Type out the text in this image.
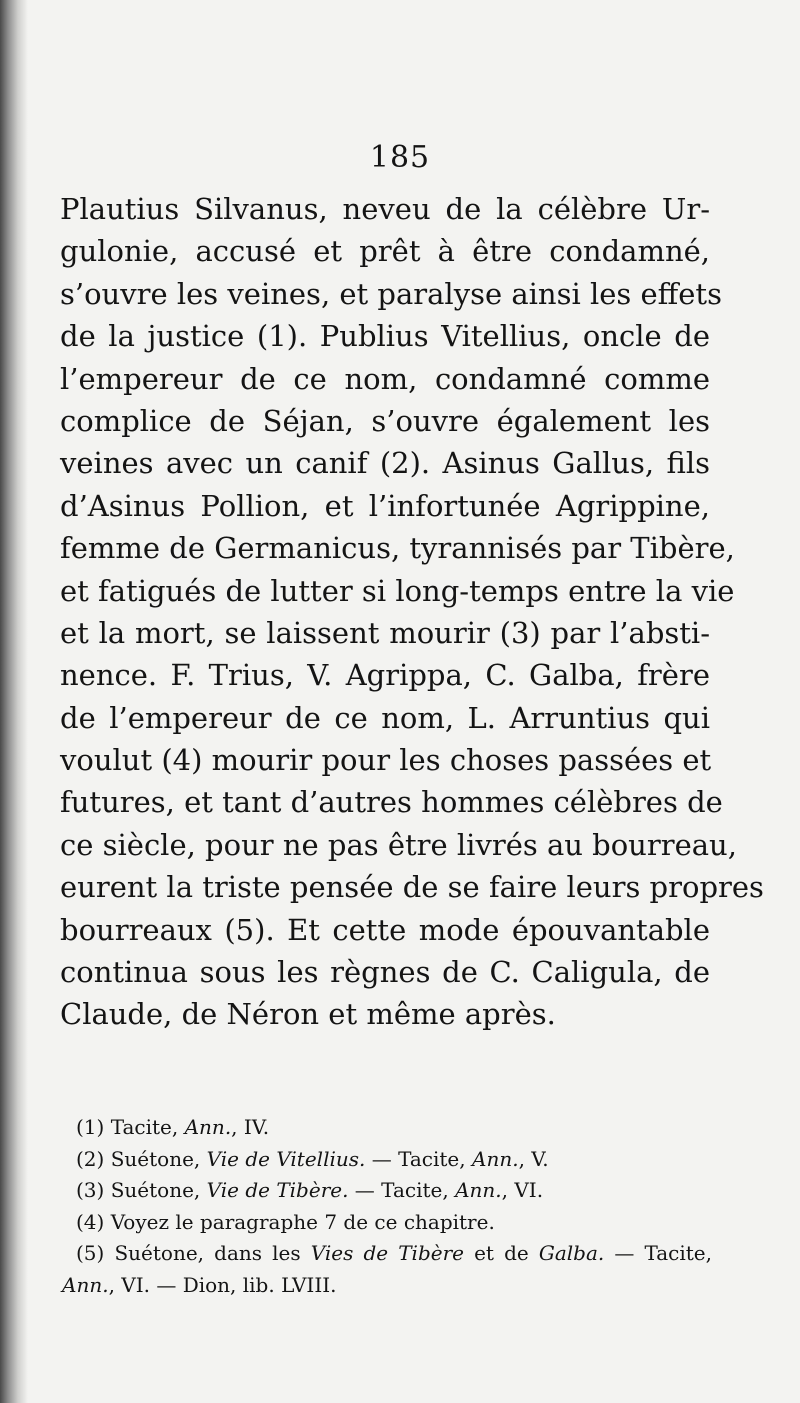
185
Plautius Silvanus, neveu de la célèbre Ur-
gulonie, accusé et prêt à être condamné,
s’ouvre les veines, et paralyse ainsi les effets
de la justice (1). Publius Vitellius, oncle de
l’empereur de ce nom, condamné comme
complice de Séjan, s’ouvre également les
veines avec un canif (2). Asinus Gallus, fils
d’Asinus Pollion, et l’infortunée Agrippine,
femme de Germanicus, tyrannisés par Tibère,
et fatigués de lutter si long-temps entre la vie
et la mort, se laissent mourir (3) par l’absti-
nence. F. Trius, V. Agrippa, C. Galba, frère
de l’empereur de ce nom, L. Arruntius qui
voulut (4) mourir pour les choses passées et
futures, et tant d’autres hommes célèbres de
ce siècle, pour ne pas être livrés au bourreau,
eurent la triste pensée de se faire leurs propres
bourreaux (5). Et cette mode épouvantable
continua sous les règnes de C. Caligula, de
Claude, de Néron et même après.
(1) Tacite, Ann., IV.
(2) Suétone, Vie de Vitellius. — Tacite, Ann., V.
(3) Suétone, Vie de Tibère. — Tacite, Ann., VI.
(4) Voyez le paragraphe 7 de ce chapitre.
(5) Suétone, dans les Vies de Tibère et de Galba. — Tacite,
Ann., VI. — Dion, lib. LVIII.
